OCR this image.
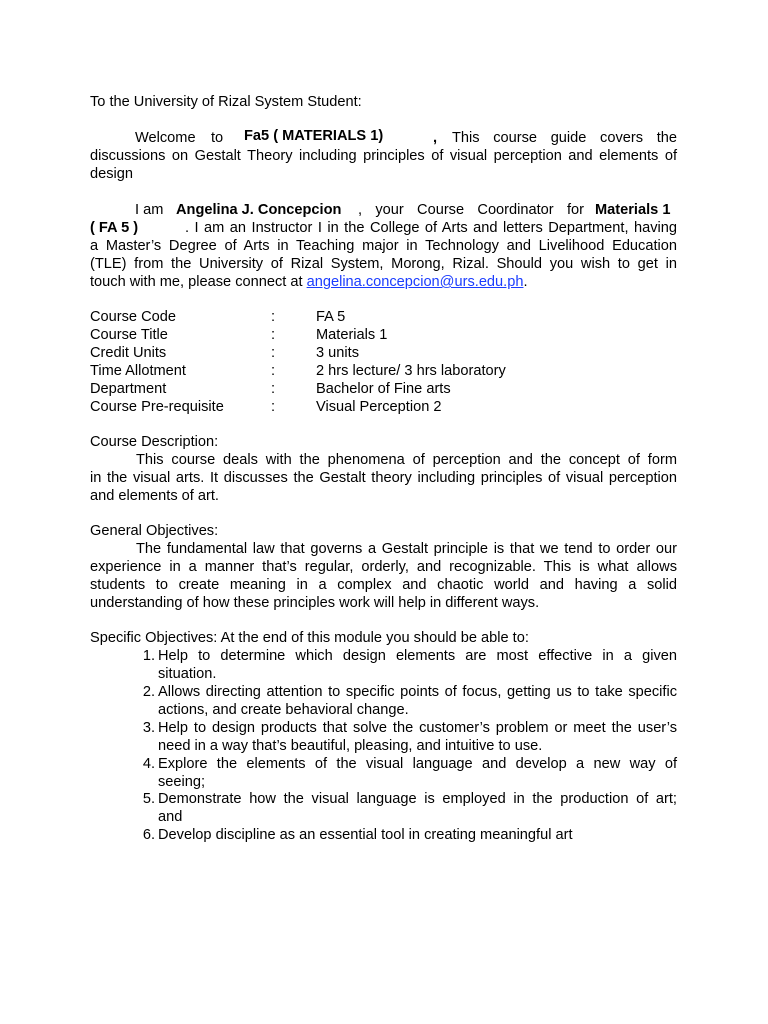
To the University of Rizal System Student:
Welcome to Fa5 ( MATERIALS 1)	, This course guide covers the
discussions on Gestalt Theory including principles of visual perception and elements of
design
I am Angelina J. Concepcion , your Course Coordinator for Materials 1
( FA 5 )	. I am an Instructor I in the College of Arts and letters Department, having
a Master’s Degree of Arts in Teaching major in Technology and Livelihood Education
(TLE) from the University of Rizal System, Morong, Rizal. Should you wish to get in
touch with me, please connect at angelina.concepcion@urs.edu.ph.
Course Code	:	FA 5
Course Title	:	Materials 1
Credit Units	:	3 units
Time Allotment	:	2 hrs lecture/ 3 hrs laboratory
Department	:	Bachelor of Fine arts
Course Pre-requisite	:	Visual Perception 2
Course Description:
This course deals with the phenomena of perception and the concept of form
in the visual arts. It discusses the Gestalt theory including principles of visual perception
and elements of art.
General Objectives:
The fundamental law that governs a Gestalt principle is that we tend to order our
experience in a manner that’s regular, orderly, and recognizable. This is what allows
students to create meaning in a complex and chaotic world and having a solid
understanding of how these principles work will help in different ways.
Specific Objectives: At the end of this module you should be able to:
1. Help to determine which design elements are most effective in a given
situation.
2. Allows directing attention to specific points of focus, getting us to take specific
actions, and create behavioral change.
3. Help to design products that solve the customer’s problem or meet the user’s
need in a way that’s beautiful, pleasing, and intuitive to use.
4. Explore the elements of the visual language and develop a new way of
seeing;
5. Demonstrate how the visual language is employed in the production of art;
and
6. Develop discipline as an essential tool in creating meaningful art
